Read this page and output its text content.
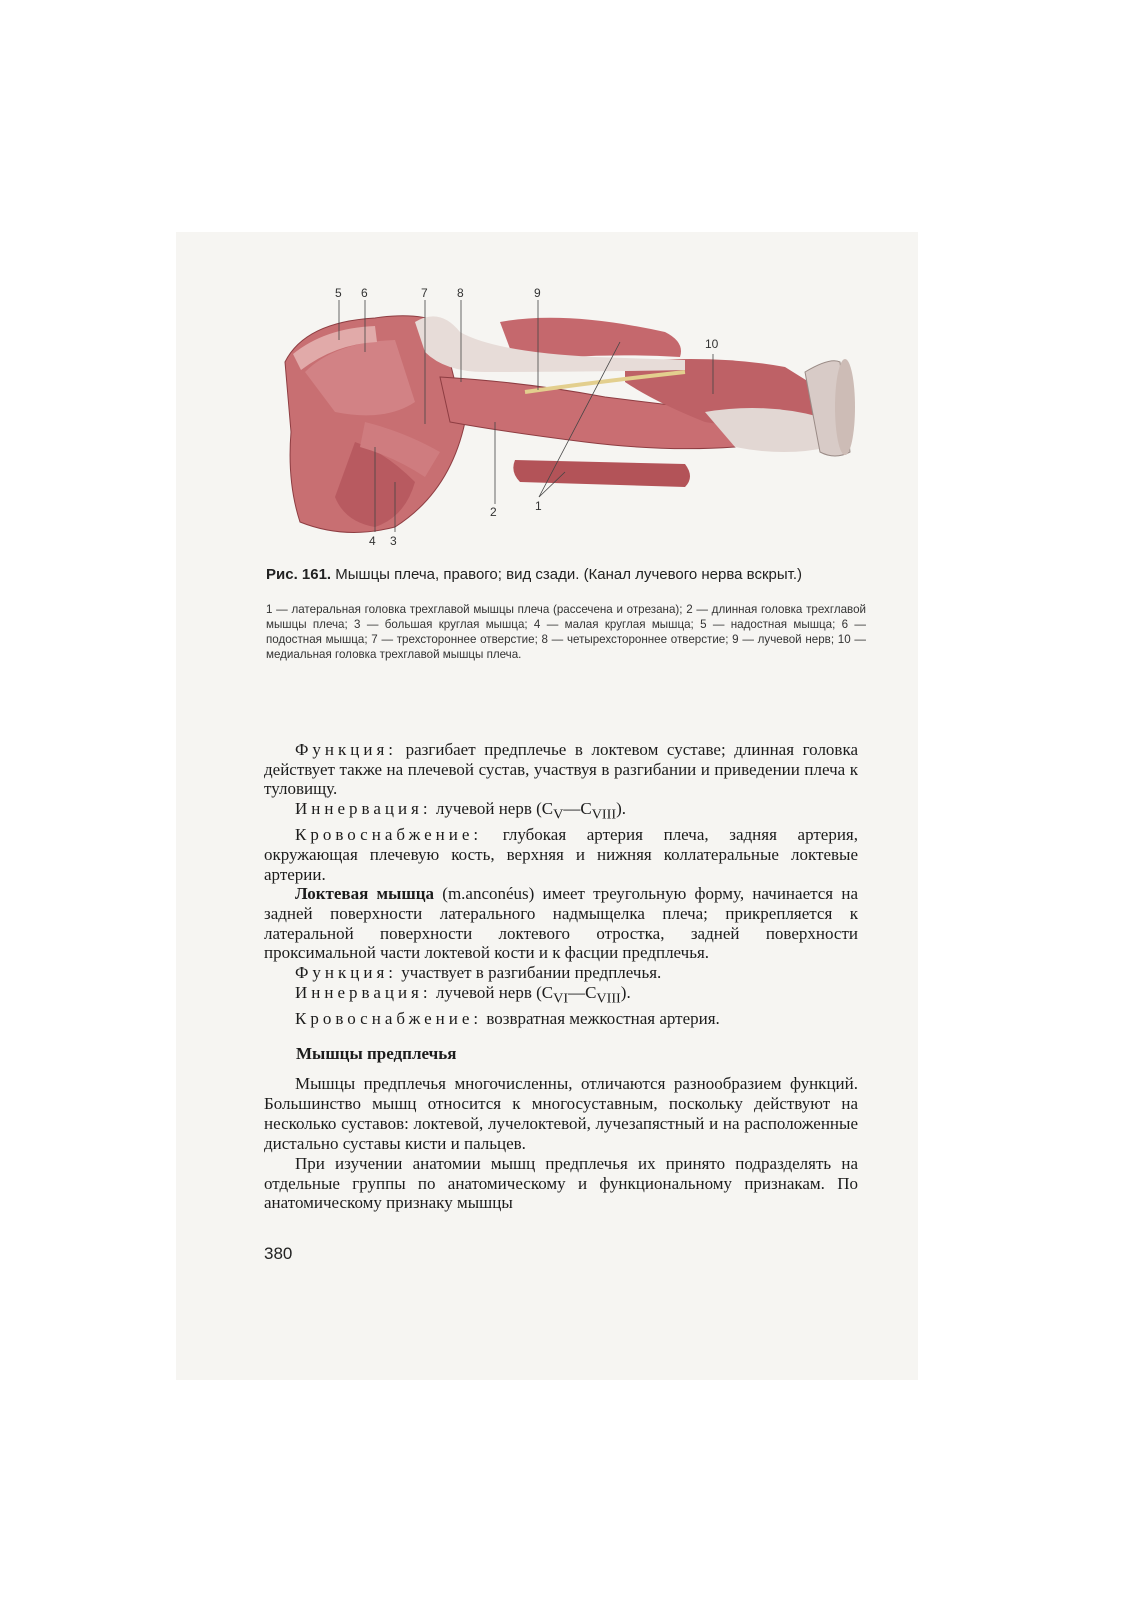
5 6	7 8	9
10
4 3
2	1
Рис. 161. Мышцы плеча, правого; вид сзади. (Канал лучевого нерва вскрыт.)
1 — латеральная головка трехглавой мышцы плеча (рассечена и отрезана); 2 — длинная головка трехглавой мышцы плеча; 3 — большая круглая мышца; 4 — малая круглая мышца; 5 — надостная мышца; 6 — подостная мышца; 7 — трехстороннее отверстие; 8 — четырехстороннее отверстие; 9 — лучевой нерв; 10 — медиальная головка трехглавой мышцы плеча.

Функция: разгибает предплечье в локтевом суставе; длинная головка действует также на плечевой сустав, участвуя в разгибании и приведении плеча к туловищу.

Иннервация: лучевой нерв $(C_V—C_{VIII})$.

Кровоснабжение: глубокая артерия плеча, задняя артерия, окружающая плечевую кость, верхняя и нижняя коллатеральные локтевые артерии.

Локтевая мышца (m.anconéus) имеет треугольную форму, начинается на задней поверхности латерального надмыщелка плеча; прикрепляется к латеральной поверхности локтевого отростка, задней поверхности проксимальной части локтевой кости и к фасции предплечья.

Функция: участвует в разгибании предплечья.

Иннервация: лучевой нерв $(C_{VI}—C_{VIII})$.

Кровоснабжение: возвратная межкостная артерия.

Мышцы предплечья

Мышцы предплечья многочисленны, отличаются разнообразием функций. Большинство мышц относится к многосуставным, поскольку действуют на несколько суставов: локтевой, лучелоктевой, лучезапястный и на расположенные дистально суставы кисти и пальцев.

При изучении анатомии мышц предплечья их принято подразделять на отдельные группы по анатомическому и функциональному признакам. По анатомическому признаку мышцы

380
